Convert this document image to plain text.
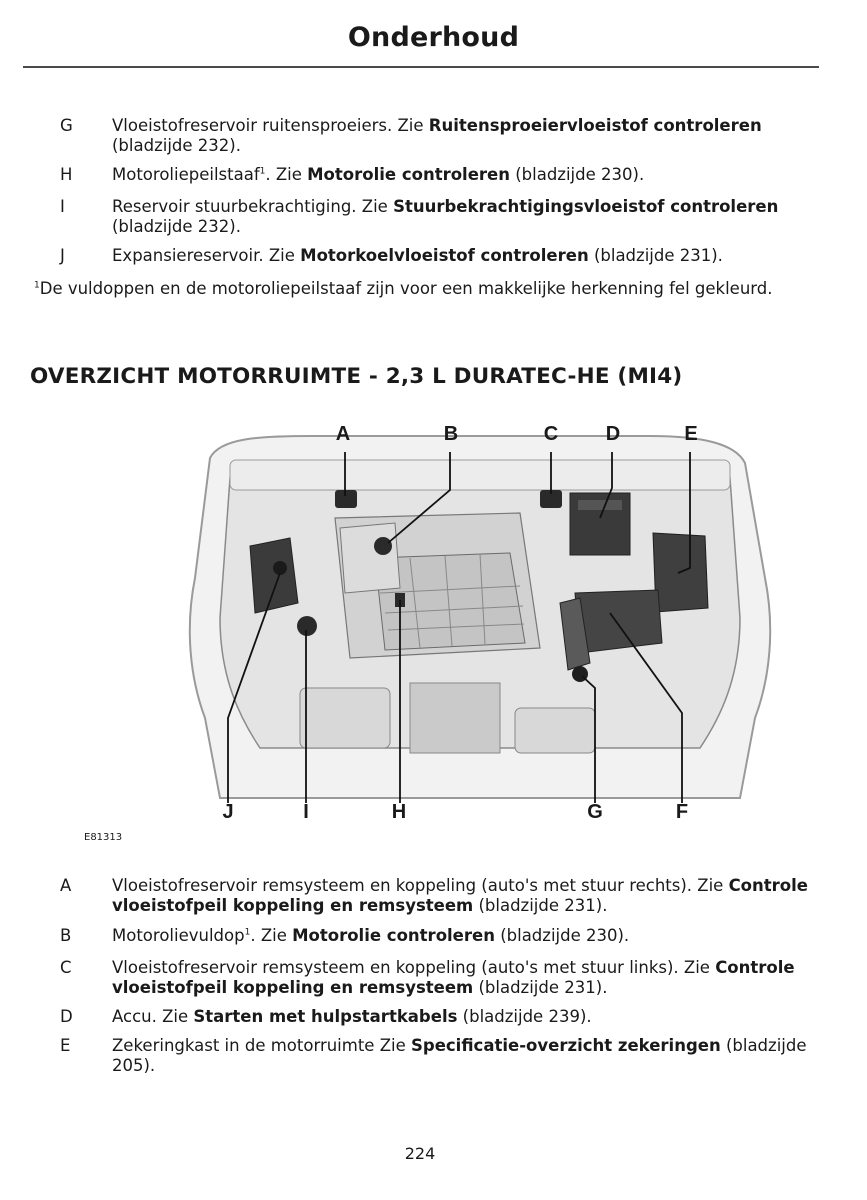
Onderhoud
G	Vloeistofreservoir ruitensproeiers. Zie Ruitensproeiervloeistof controleren (bladzijde 232).
H	Motoroliepeilstaaf$^1$. Zie Motorolie controleren (bladzijde 230).
I	Reservoir stuurbekrachtiging. Zie Stuurbekrachtigingsvloeistof controleren (bladzijde 232).
J	Expansiereservoir. Zie Motorkoelvloeistof controleren (bladzijde 231).
$^1$De vuldoppen en de motoroliepeilstaaf zijn voor een makkelijke herkenning fel gekleurd.
OVERZICHT MOTORRUIMTE - 2,3 L DURATEC-HE (MI4)
A	B	C	D	E
J	I	H	G	F
E81313
A	Vloeistofreservoir remsysteem en koppeling (auto's met stuur rechts). Zie Controle vloeistofpeil koppeling en remsysteem (bladzijde 231).
B	Motorolievuldop$^1$. Zie Motorolie controleren (bladzijde 230).
C	Vloeistofreservoir remsysteem en koppeling (auto's met stuur links). Zie Controle vloeistofpeil koppeling en remsysteem (bladzijde 231).
D	Accu. Zie Starten met hulpstartkabels (bladzijde 239).
E	Zekeringkast in de motorruimte Zie Specificatie-overzicht zekeringen (bladzijde 205).
224
